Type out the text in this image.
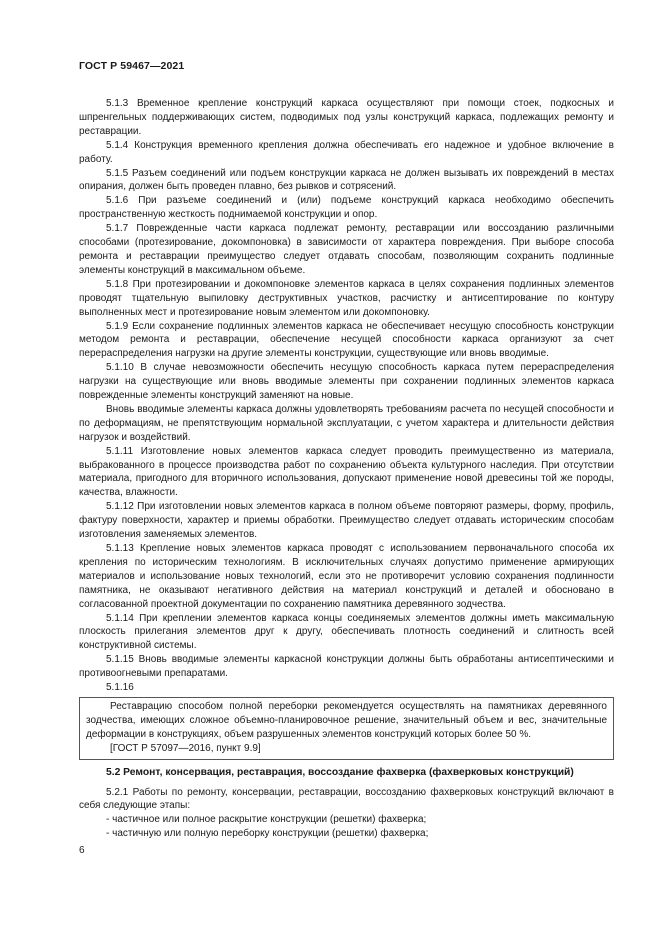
ГОСТ Р 59467—2021

5.1.3 Временное крепление конструкций каркаса осуществляют при помощи стоек, подкосных и шпренгельных поддерживающих систем, подводимых под узлы конструкций каркаса, подлежащих ремонту и реставрации.

5.1.4 Конструкция временного крепления должна обеспечивать его надежное и удобное включение в работу.

5.1.5 Разъем соединений или подъем конструкции каркаса не должен вызывать их повреждений в местах опирания, должен быть проведен плавно, без рывков и сотрясений.

5.1.6 При разъеме соединений и (или) подъеме конструкций каркаса необходимо обеспечить пространственную жесткость поднимаемой конструкции и опор.

5.1.7 Поврежденные части каркаса подлежат ремонту, реставрации или воссозданию различными способами (протезирование, докомпоновка) в зависимости от характера повреждения. При выборе способа ремонта и реставрации преимущество следует отдавать способам, позволяющим сохранить подлинные элементы конструкций в максимальном объеме.

5.1.8 При протезировании и докомпоновке элементов каркаса в целях сохранения подлинных элементов проводят тщательную выпиловку деструктивных участков, расчистку и антисептирование по контуру выполненных мест и протезирование новым элементом или докомпоновку.

5.1.9 Если сохранение подлинных элементов каркаса не обеспечивает несущую способность конструкции методом ремонта и реставрации, обеспечение несущей способности каркаса организуют за счет перераспределения нагрузки на другие элементы конструкции, существующие или вновь вводимые.

5.1.10 В случае невозможности обеспечить несущую способность каркаса путем перераспределения нагрузки на существующие или вновь вводимые элементы при сохранении подлинных элементов каркаса поврежденные элементы конструкций заменяют на новые.

Вновь вводимые элементы каркаса должны удовлетворять требованиям расчета по несущей способности и по деформациям, не препятствующим нормальной эксплуатации, с учетом характера и длительности действия нагрузок и воздействий.

5.1.11 Изготовление новых элементов каркаса следует проводить преимущественно из материала, выбракованного в процессе производства работ по сохранению объекта культурного наследия. При отсутствии материала, пригодного для вторичного использования, допускают применение новой древесины той же породы, качества, влажности.

5.1.12 При изготовлении новых элементов каркаса в полном объеме повторяют размеры, форму, профиль, фактуру поверхности, характер и приемы обработки. Преимущество следует отдавать историческим способам изготовления заменяемых элементов.

5.1.13 Крепление новых элементов каркаса проводят с использованием первоначального способа их крепления по историческим технологиям. В исключительных случаях допустимо применение армирующих материалов и использование новых технологий, если это не противоречит условию сохранения подлинности памятника, не оказывают негативного действия на материал конструкций и деталей и обосновано в согласованной проектной документации по сохранению памятника деревянного зодчества.

5.1.14 При креплении элементов каркаса концы соединяемых элементов должны иметь максимальную плоскость прилегания элементов друг к другу, обеспечивать плотность соединений и слитность всей конструктивной системы.

5.1.15 Вновь вводимые элементы каркасной конструкции должны быть обработаны антисептическими и противоогневыми препаратами.

5.1.16

Реставрацию способом полной переборки рекомендуется осуществлять на памятниках деревянного зодчества, имеющих сложное объемно-планировочное решение, значительный объем и вес, значительные деформации в конструкциях, объем разрушенных элементов конструкций которых более 50 %.

[ГОСТ Р 57097—2016, пункт 9.9]

5.2 Ремонт, консервация, реставрация, воссоздание фахверка (фахверковых конструкций)

5.2.1 Работы по ремонту, консервации, реставрации, воссозданию фахверковых конструкций включают в себя следующие этапы:

- частичное или полное раскрытие конструкции (решетки) фахверка;

- частичную или полную переборку конструкции (решетки) фахверка;

6
